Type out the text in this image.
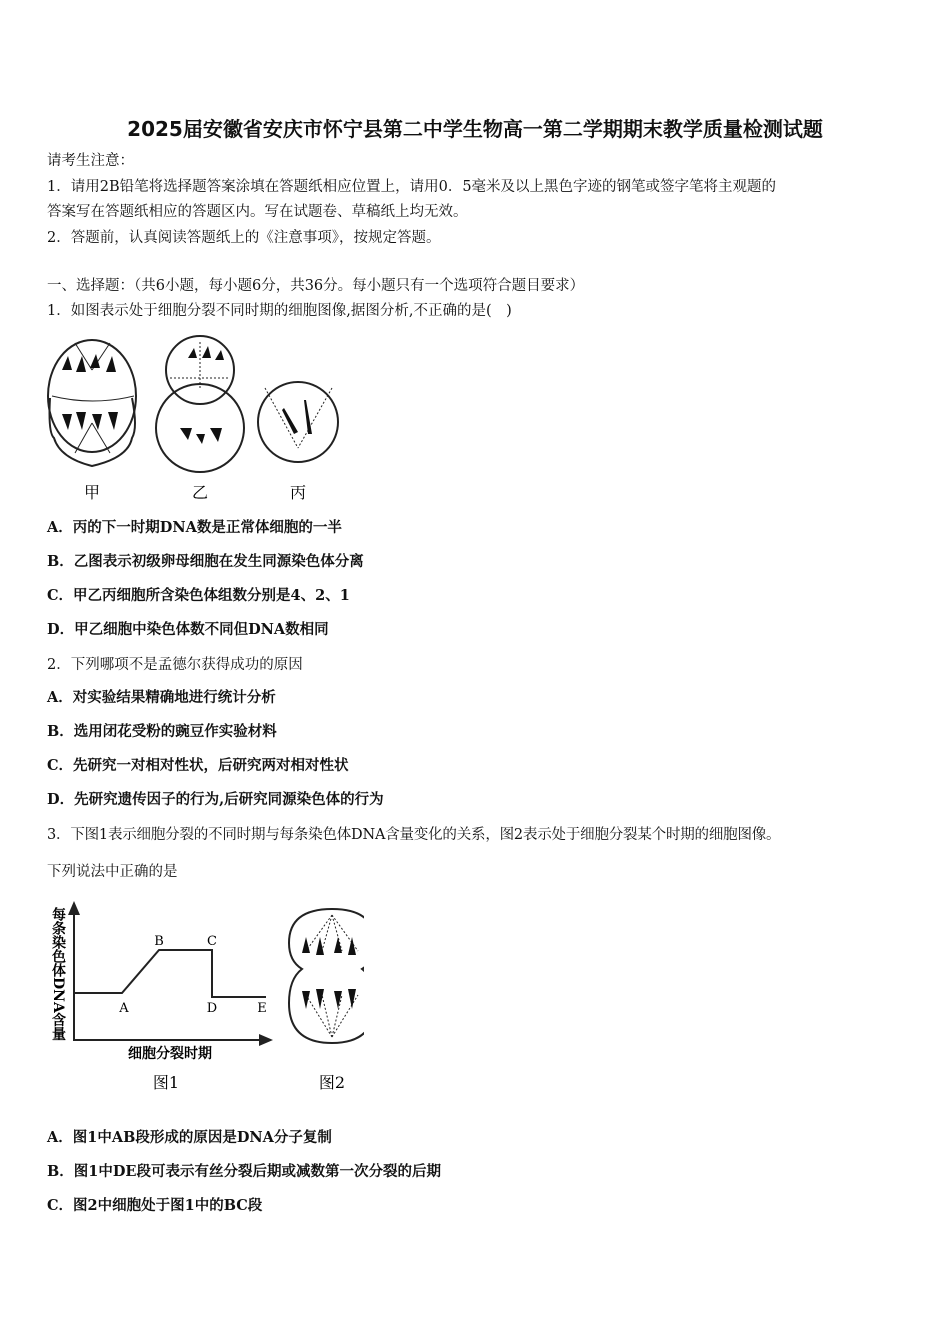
2025届安徽省安庆市怀宁县第二中学生物高一第二学期期末教学质量检测试题
请考生注意：
1．请用2B铅笔将选择题答案涂填在答题纸相应位置上，请用0．5毫米及以上黑色字迹的钢笔或签字笔将主观题的
答案写在答题纸相应的答题区内。写在试题卷、草稿纸上均无效。
2．答题前，认真阅读答题纸上的《注意事项》，按规定答题。
一、选择题：（共6小题，每小题6分，共36分。每小题只有一个选项符合题目要求）
1．如图表示处于细胞分裂不同时期的细胞图像,据图分析,不正确的是(　)
甲	乙	丙
A．丙的下一时期DNA数是正常体细胞的一半
B．乙图表示初级卵母细胞在发生同源染色体分离
C．甲乙丙细胞所含染色体组数分别是4、2、1
D．甲乙细胞中染色体数不同但DNA数相同
2．下列哪项不是孟德尔获得成功的原因
A．对实验结果精确地进行统计分析
B．选用闭花受粉的豌豆作实验材料
C．先研究一对相对性状，后研究两对相对性状
D．先研究遗传因子的行为,后研究同源染色体的行为
3．下图1表示细胞分裂的不同时期与每条染色体DNA含量变化的关系，图2表示处于细胞分裂某个时期的细胞图像。
下列说法中正确的是
每条染色体DNA含量	A
B	C
D	E
细胞分裂时期
图1	图2
A．图1中AB段形成的原因是DNA分子复制
B．图1中DE段可表示有丝分裂后期或减数第一次分裂的后期
C．图2中细胞处于图1中的BC段
